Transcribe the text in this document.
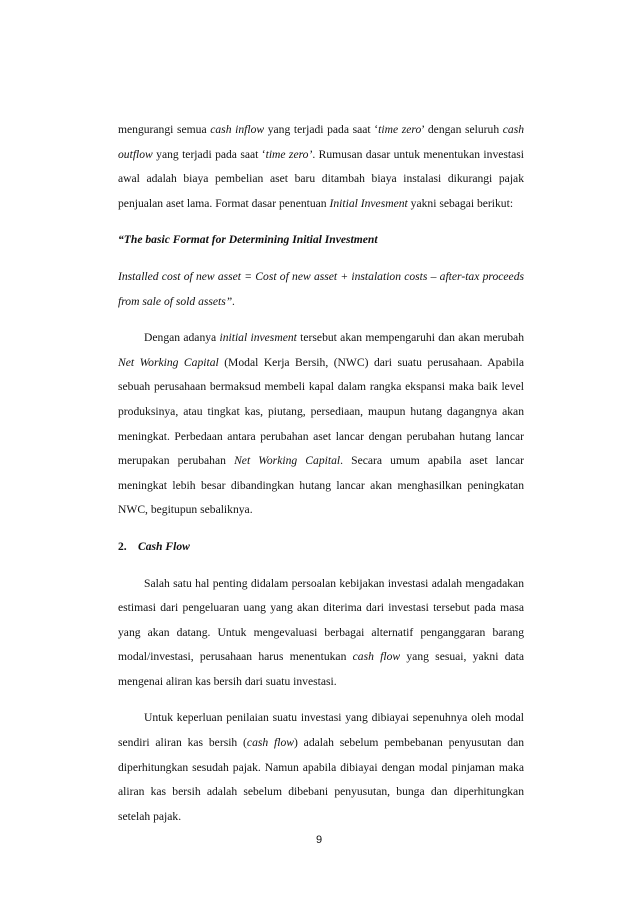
mengurangi semua cash inflow yang terjadi pada saat ‘time zero’ dengan seluruh cash outflow yang terjadi pada saat ‘time zero’. Rumusan dasar untuk menentukan investasi awal adalah biaya pembelian aset baru ditambah biaya instalasi dikurangi pajak penjualan aset lama. Format dasar penentuan Initial Invesment yakni sebagai berikut:

“The basic Format for Determining Initial Investment

Installed cost of new asset = Cost of new asset + instalation costs – after-tax proceeds from sale of sold assets”.

Dengan adanya initial invesment tersebut akan mempengaruhi dan akan merubah Net Working Capital (Modal Kerja Bersih, (NWC) dari suatu perusahaan. Apabila sebuah perusahaan bermaksud membeli kapal dalam rangka ekspansi maka baik level produksinya, atau tingkat kas, piutang, persediaan, maupun hutang dagangnya akan meningkat. Perbedaan antara perubahan aset lancar dengan perubahan hutang lancar merupakan perubahan Net Working Capital. Secara umum apabila aset lancar meningkat lebih besar dibandingkan hutang lancar akan menghasilkan peningkatan NWC, begitupun sebaliknya.

2. Cash Flow

Salah satu hal penting didalam persoalan kebijakan investasi adalah mengadakan estimasi dari pengeluaran uang yang akan diterima dari investasi tersebut pada masa yang akan datang. Untuk mengevaluasi berbagai alternatif penganggaran barang modal/investasi, perusahaan harus menentukan cash flow yang sesuai, yakni data mengenai aliran kas bersih dari suatu investasi.

Untuk keperluan penilaian suatu investasi yang dibiayai sepenuhnya oleh modal sendiri aliran kas bersih (cash flow) adalah sebelum pembebanan penyusutan dan diperhitungkan sesudah pajak. Namun apabila dibiayai dengan modal pinjaman maka aliran kas bersih adalah sebelum dibebani penyusutan, bunga dan diperhitungkan setelah pajak.

9
